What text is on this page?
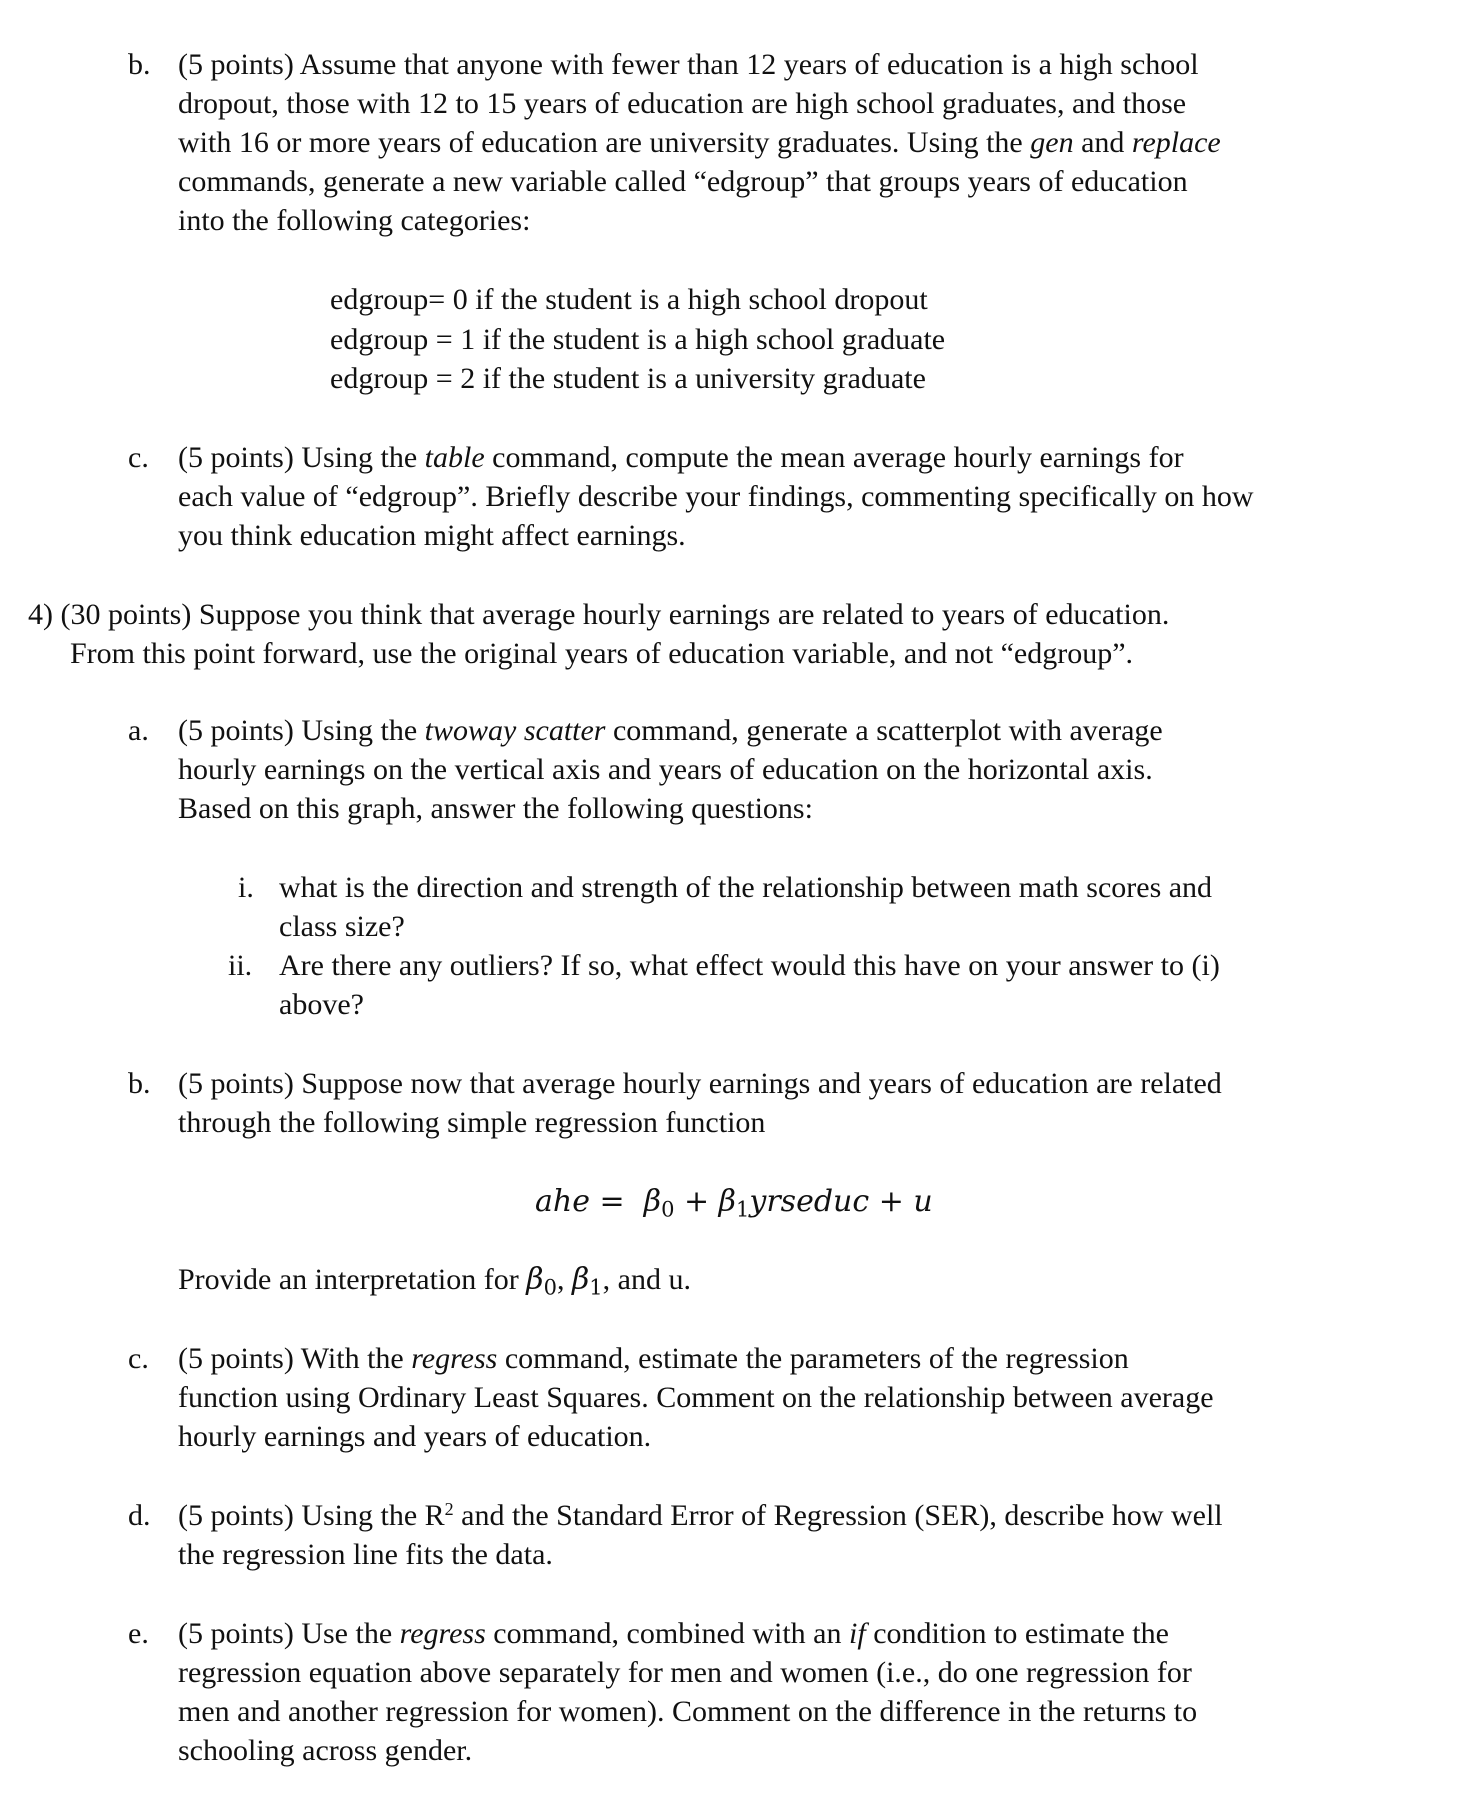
b. (5 points) Assume that anyone with fewer than 12 years of education is a high school
dropout, those with 12 to 15 years of education are high school graduates, and those
with 16 or more years of education are university graduates. Using the gen and replace
commands, generate a new variable called “edgroup” that groups years of education
into the following categories:
edgroup= 0 if the student is a high school dropout
edgroup = 1 if the student is a high school graduate
edgroup = 2 if the student is a university graduate
c. (5 points) Using the table command, compute the mean average hourly earnings for
each value of “edgroup”. Briefly describe your findings, commenting specifically on how
you think education might affect earnings.
4) (30 points) Suppose you think that average hourly earnings are related to years of education.
From this point forward, use the original years of education variable, and not “edgroup”.
a. (5 points) Using the twoway scatter command, generate a scatterplot with average
hourly earnings on the vertical axis and years of education on the horizontal axis.
Based on this graph, answer the following questions:
i. what is the direction and strength of the relationship between math scores and
class size?
ii. Are there any outliers? If so, what effect would this have on your answer to (i)
above?
b. (5 points) Suppose now that average hourly earnings and years of education are related
through the following simple regression function
ahe = $\beta_0$ + $\beta_1yrseduc + u$
Provide an interpretation for $\beta_0$, $\beta_1$, and u.
c. (5 points) With the regress command, estimate the parameters of the regression
function using Ordinary Least Squares. Comment on the relationship between average
hourly earnings and years of education.
d. (5 points) Using the $R^2$ and the Standard Error of Regression (SER), describe how well
the regression line fits the data.
e. (5 points) Use the regress command, combined with an if condition to estimate the
regression equation above separately for men and women (i.e., do one regression for
men and another regression for women). Comment on the difference in the returns to
schooling across gender.
